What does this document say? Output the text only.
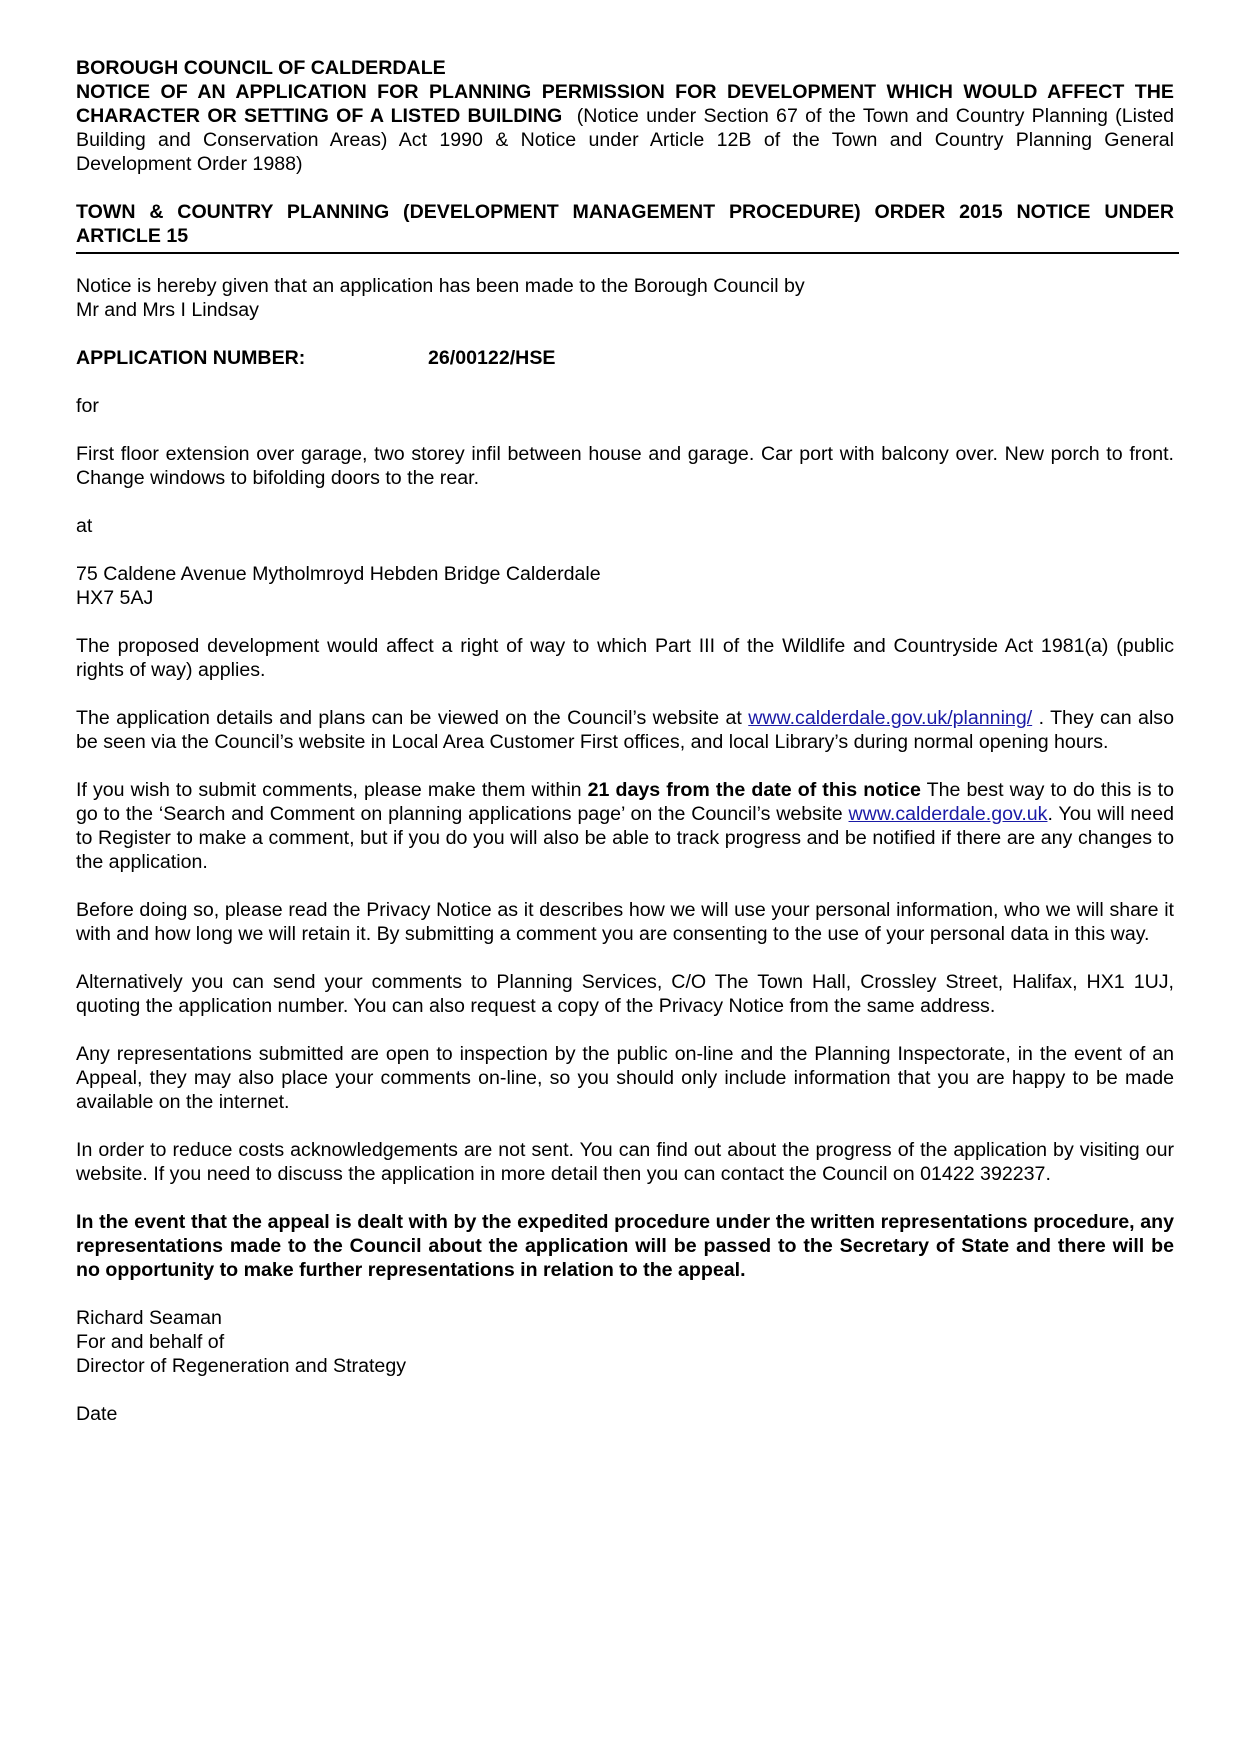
BOROUGH COUNCIL OF CALDERDALE

NOTICE OF AN APPLICATION FOR PLANNING PERMISSION FOR DEVELOPMENT WHICH WOULD AFFECT THE CHARACTER OR SETTING OF A LISTED BUILDING (Notice under Section 67 of the Town and Country Planning (Listed Building and Conservation Areas) Act 1990 & Notice under Article 12B of the Town and Country Planning General Development Order 1988)

TOWN & COUNTRY PLANNING (DEVELOPMENT MANAGEMENT PROCEDURE) ORDER 2015 NOTICE UNDER ARTICLE 15

Notice is hereby given that an application has been made to the Borough Council by

Mr and Mrs I Lindsay

APPLICATION NUMBER:	26/00122/HSE

for

First floor extension over garage, two storey infil between house and garage. Car port with balcony over. New porch to front. Change windows to bifolding doors to the rear.

at

75 Caldene Avenue Mytholmroyd Hebden Bridge Calderdale

HX7 5AJ

The proposed development would affect a right of way to which Part III of the Wildlife and Countryside Act 1981(a) (public rights of way) applies.

The application details and plans can be viewed on the Council’s website at www.calderdale.gov.uk/planning/ . They can also be seen via the Council’s website in Local Area Customer First offices, and local Library’s during normal opening hours.

If you wish to submit comments, please make them within 21 days from the date of this notice The best way to do this is to go to the ‘Search and Comment on planning applications page’ on the Council’s website www.calderdale.gov.uk. You will need to Register to make a comment, but if you do you will also be able to track progress and be notified if there are any changes to the application.

Before doing so, please read the Privacy Notice as it describes how we will use your personal information, who we will share it with and how long we will retain it. By submitting a comment you are consenting to the use of your personal data in this way.

Alternatively you can send your comments to Planning Services, C/O The Town Hall, Crossley Street, Halifax, HX1 1UJ, quoting the application number. You can also request a copy of the Privacy Notice from the same address.

Any representations submitted are open to inspection by the public on-line and the Planning Inspectorate, in the event of an Appeal, they may also place your comments on-line, so you should only include information that you are happy to be made available on the internet.

In order to reduce costs acknowledgements are not sent. You can find out about the progress of the application by visiting our website. If you need to discuss the application in more detail then you can contact the Council on 01422 392237.

In the event that the appeal is dealt with by the expedited procedure under the written representations procedure, any representations made to the Council about the application will be passed to the Secretary of State and there will be no opportunity to make further representations in relation to the appeal.

Richard Seaman

For and behalf of

Director of Regeneration and Strategy

Date
